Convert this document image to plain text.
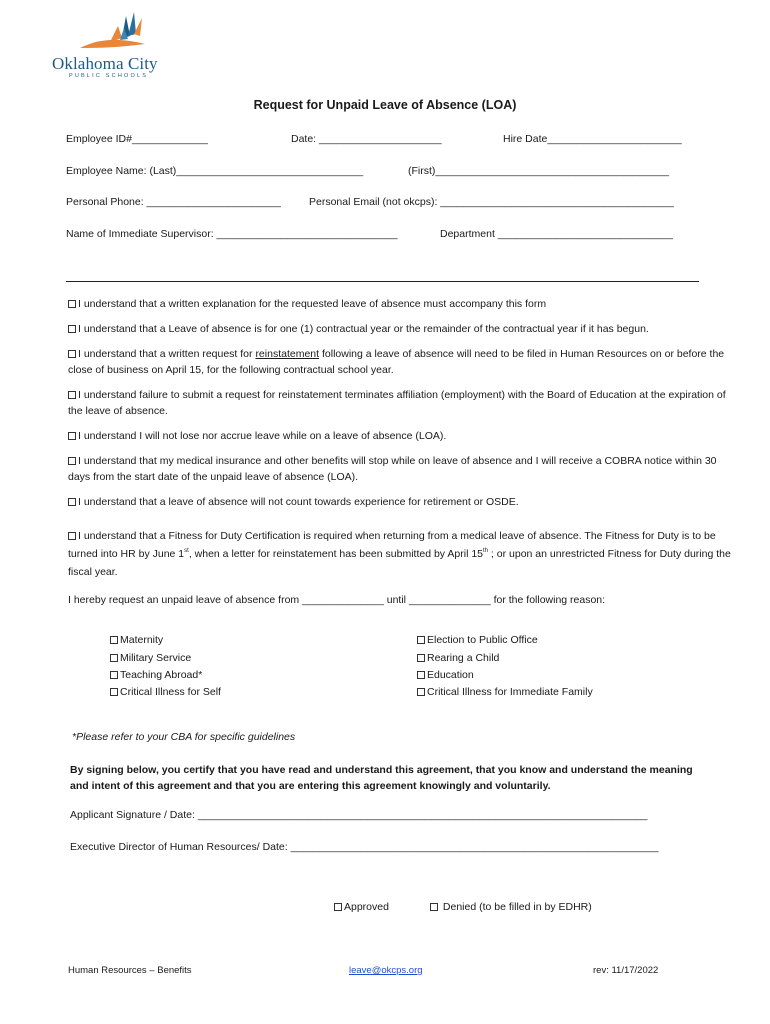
Oklahoma City
PUBLIC SCHOOLS
Request for Unpaid Leave of Absence (LOA)
Employee ID#_____________	Date: _____________________	Hire Date_______________________
Employee Name: (Last)________________________________	(First)________________________________________
Personal Phone: _______________________	Personal Email (not okcps): ________________________________________
Name of Immediate Supervisor: _______________________________	Department ______________________________
I understand that a written explanation for the requested leave of absence must accompany this form
I understand that a Leave of absence is for one (1) contractual year or the remainder of the contractual year if it has begun.
I understand that a written request for reinstatement following a leave of absence will need to be filed in Human Resources on or before the close of business on April 15, for the following contractual school year.
I understand failure to submit a request for reinstatement terminates affiliation (employment) with the Board of Education at the expiration of the leave of absence.
I understand I will not lose nor accrue leave while on a leave of absence (LOA).
I understand that my medical insurance and other benefits will stop while on leave of absence and I will receive a COBRA notice within 30 days from the start date of the unpaid leave of absence (LOA).
I understand that a leave of absence will not count towards experience for retirement or OSDE.
I understand that a Fitness for Duty Certification is required when returning from a medical leave of absence. The Fitness for Duty is to be turned into HR by June 1st, when a letter for reinstatement has been submitted by April 15th ; or upon an unrestricted Fitness for Duty during the fiscal year.
I hereby request an unpaid leave of absence from ______________ until ______________ for the following reason:
Maternity
Military Service
Teaching Abroad*
Critical Illness for Self
Election to Public Office
Rearing a Child
Education
Critical Illness for Immediate Family
*Please refer to your CBA for specific guidelines
By signing below, you certify that you have read and understand this agreement, that you know and understand the meaning and intent of this agreement and that you are entering this agreement knowingly and voluntarily.
Applicant Signature / Date: _____________________________________________________________________________
Executive Director of Human Resources/ Date: _______________________________________________________________
Approved	Denied (to be filled in by EDHR)
Human Resources – Benefits	leave@okcps.org	rev: 11/17/2022
